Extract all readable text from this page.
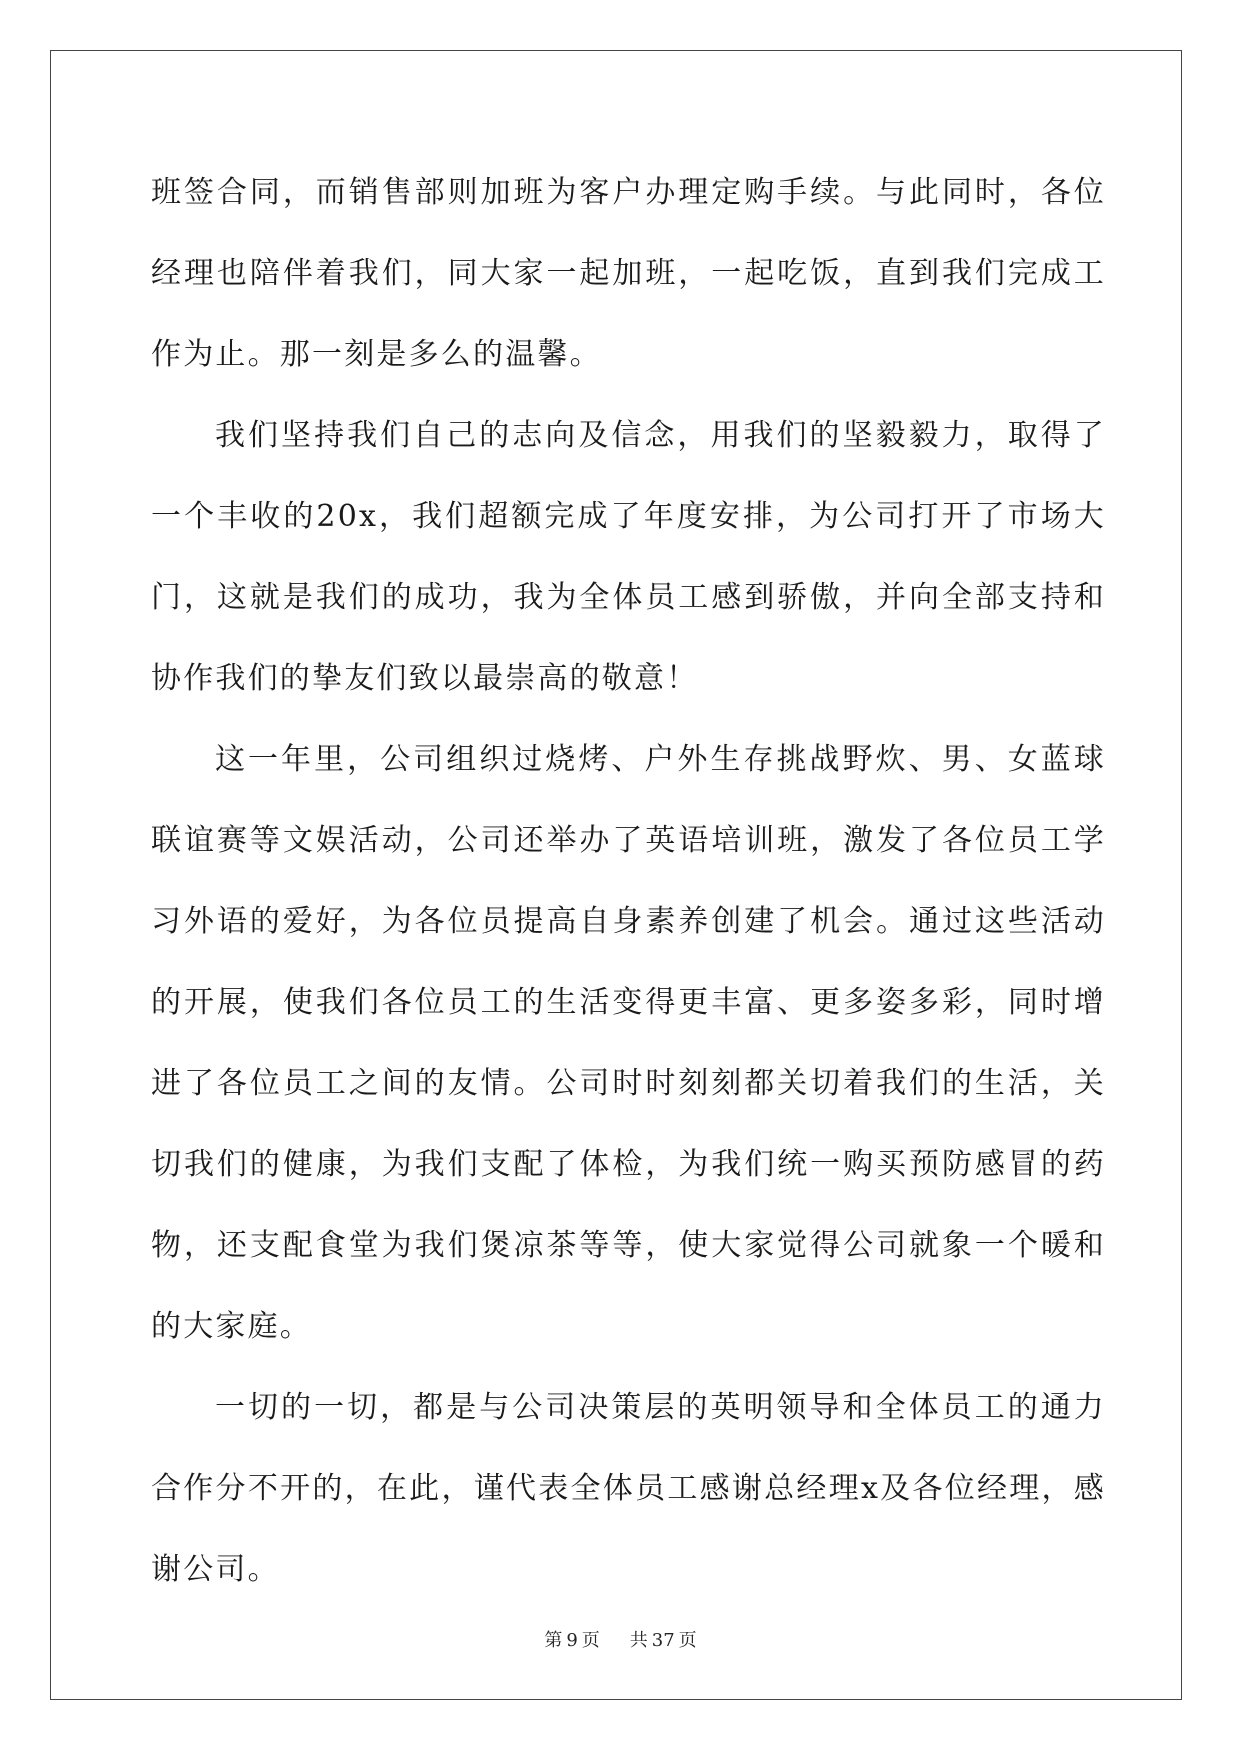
班签合同，而销售部则加班为客户办理定购手续。与此同时，各位经理也陪伴着我们，同大家一起加班，一起吃饭，直到我们完成工作为止。那一刻是多么的温馨。

我们坚持我们自己的志向及信念，用我们的坚毅毅力，取得了一个丰收的20x，我们超额完成了年度安排，为公司打开了市场大门，这就是我们的成功，我为全体员工感到骄傲，并向全部支持和协作我们的挚友们致以最崇高的敬意！

这一年里，公司组织过烧烤、户外生存挑战野炊、男、女蓝球联谊赛等文娱活动，公司还举办了英语培训班，激发了各位员工学习外语的爱好，为各位员提高自身素养创建了机会。通过这些活动的开展，使我们各位员工的生活变得更丰富、更多姿多彩，同时增进了各位员工之间的友情。公司时时刻刻都关切着我们的生活，关切我们的健康，为我们支配了体检，为我们统一购买预防感冒的药物，还支配食堂为我们煲凉茶等等，使大家觉得公司就象一个暖和的大家庭。

一切的一切，都是与公司决策层的英明领导和全体员工的通力合作分不开的，在此，谨代表全体员工感谢总经理x及各位经理，感谢公司。

第 9 页 共 37 页
